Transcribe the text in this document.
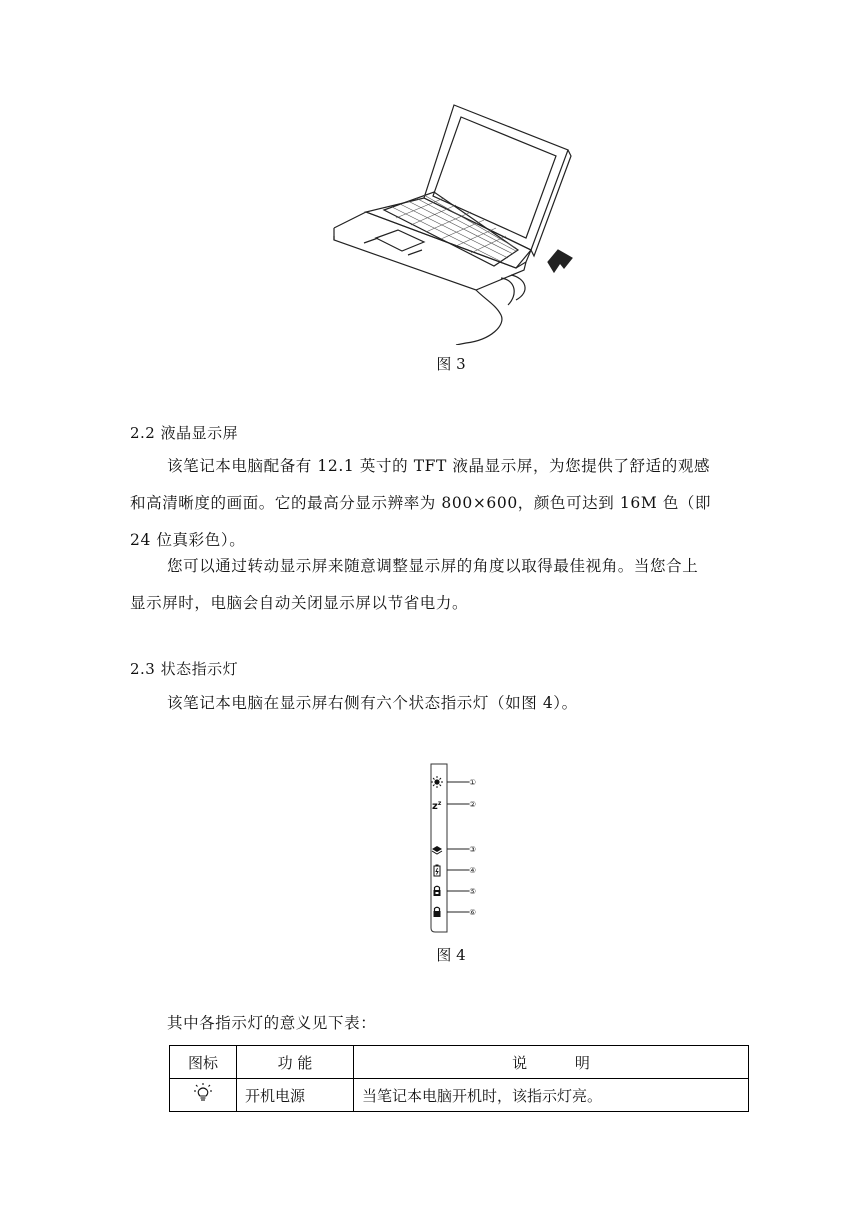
图 3
2.2 液晶显示屏
该笔记本电脑配备有 12.1 英寸的 TFT 液晶显示屏，为您提供了舒适的观感
和高清晰度的画面。它的最高分显示辨率为 800×600，颜色可达到 16M 色（即
24 位真彩色）。
您可以通过转动显示屏来随意调整显示屏的角度以取得最佳视角。当您合上
显示屏时，电脑会自动关闭显示屏以节省电力。
2.3 状态指示灯
该笔记本电脑在显示屏右侧有六个状态指示灯（如图 4）。
$z^z$
①
②
③
④
⑤
⑥
图 4
其中各指示灯的意义见下表：
图标	功 能	说          明
	开机电源	当笔记本电脑开机时，该指示灯亮。
